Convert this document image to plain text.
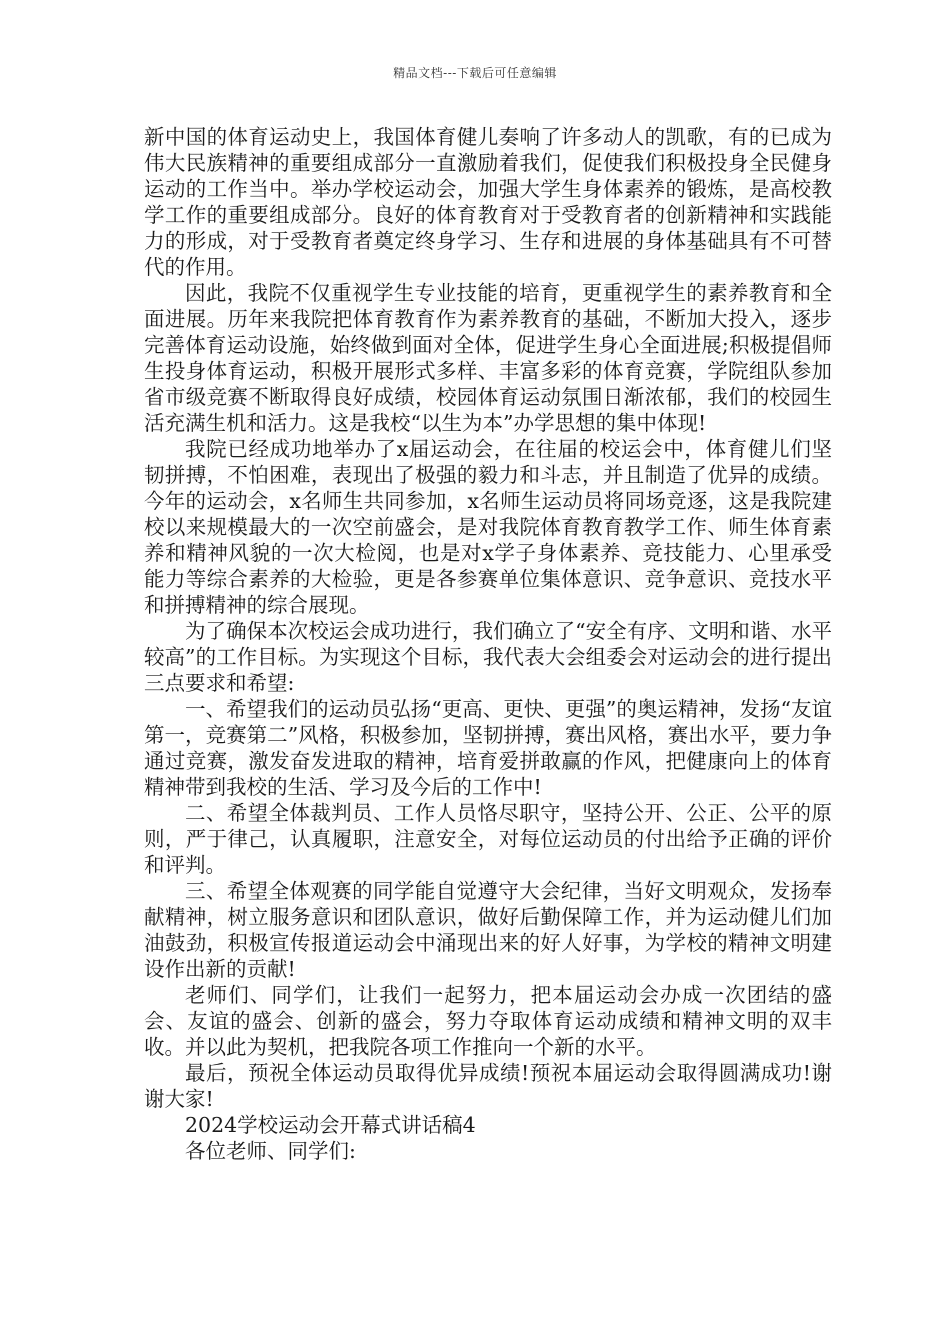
精品文档---下载后可任意编辑

新中国的体育运动史上，我国体育健儿奏响了许多动人的凯歌，有的已成为伟大民族精神的重要组成部分一直激励着我们，促使我们积极投身全民健身运动的工作当中。举办学校运动会，加强大学生身体素养的锻炼，是高校教学工作的重要组成部分。良好的体育教育对于受教育者的创新精神和实践能力的形成，对于受教育者奠定终身学习、生存和进展的身体基础具有不可替代的作用。

因此，我院不仅重视学生专业技能的培育，更重视学生的素养教育和全面进展。历年来我院把体育教育作为素养教育的基础，不断加大投入，逐步完善体育运动设施，始终做到面对全体，促进学生身心全面进展;积极提倡师生投身体育运动，积极开展形式多样、丰富多彩的体育竞赛，学院组队参加省市级竞赛不断取得良好成绩，校园体育运动氛围日渐浓郁，我们的校园生活充满生机和活力。这是我校“以生为本”办学思想的集中体现!

我院已经成功地举办了x届运动会，在往届的校运会中，体育健儿们坚韧拼搏，不怕困难，表现出了极强的毅力和斗志，并且制造了优异的成绩。今年的运动会，x名师生共同参加，x名师生运动员将同场竞逐，这是我院建校以来规模最大的一次空前盛会，是对我院体育教育教学工作、师生体育素养和精神风貌的一次大检阅，也是对x学子身体素养、竞技能力、心里承受能力等综合素养的大检验，更是各参赛单位集体意识、竞争意识、竞技水平和拼搏精神的综合展现。

为了确保本次校运会成功进行，我们确立了“安全有序、文明和谐、水平较高”的工作目标。为实现这个目标，我代表大会组委会对运动会的进行提出三点要求和希望:

一、希望我们的运动员弘扬“更高、更快、更强”的奥运精神，发扬“友谊第一，竞赛第二”风格，积极参加，坚韧拼搏，赛出风格，赛出水平，要力争通过竞赛，激发奋发进取的精神，培育爱拼敢赢的作风，把健康向上的体育精神带到我校的生活、学习及今后的工作中!

二、希望全体裁判员、工作人员恪尽职守，坚持公开、公正、公平的原则，严于律己，认真履职，注意安全，对每位运动员的付出给予正确的评价和评判。

三、希望全体观赛的同学能自觉遵守大会纪律，当好文明观众，发扬奉献精神，树立服务意识和团队意识，做好后勤保障工作，并为运动健儿们加油鼓劲，积极宣传报道运动会中涌现出来的好人好事，为学校的精神文明建设作出新的贡献!

老师们、同学们，让我们一起努力，把本届运动会办成一次团结的盛会、友谊的盛会、创新的盛会，努力夺取体育运动成绩和精神文明的双丰收。并以此为契机，把我院各项工作推向一个新的水平。

最后，预祝全体运动员取得优异成绩!预祝本届运动会取得圆满成功!谢谢大家!

2024学校运动会开幕式讲话稿4

各位老师、同学们:
